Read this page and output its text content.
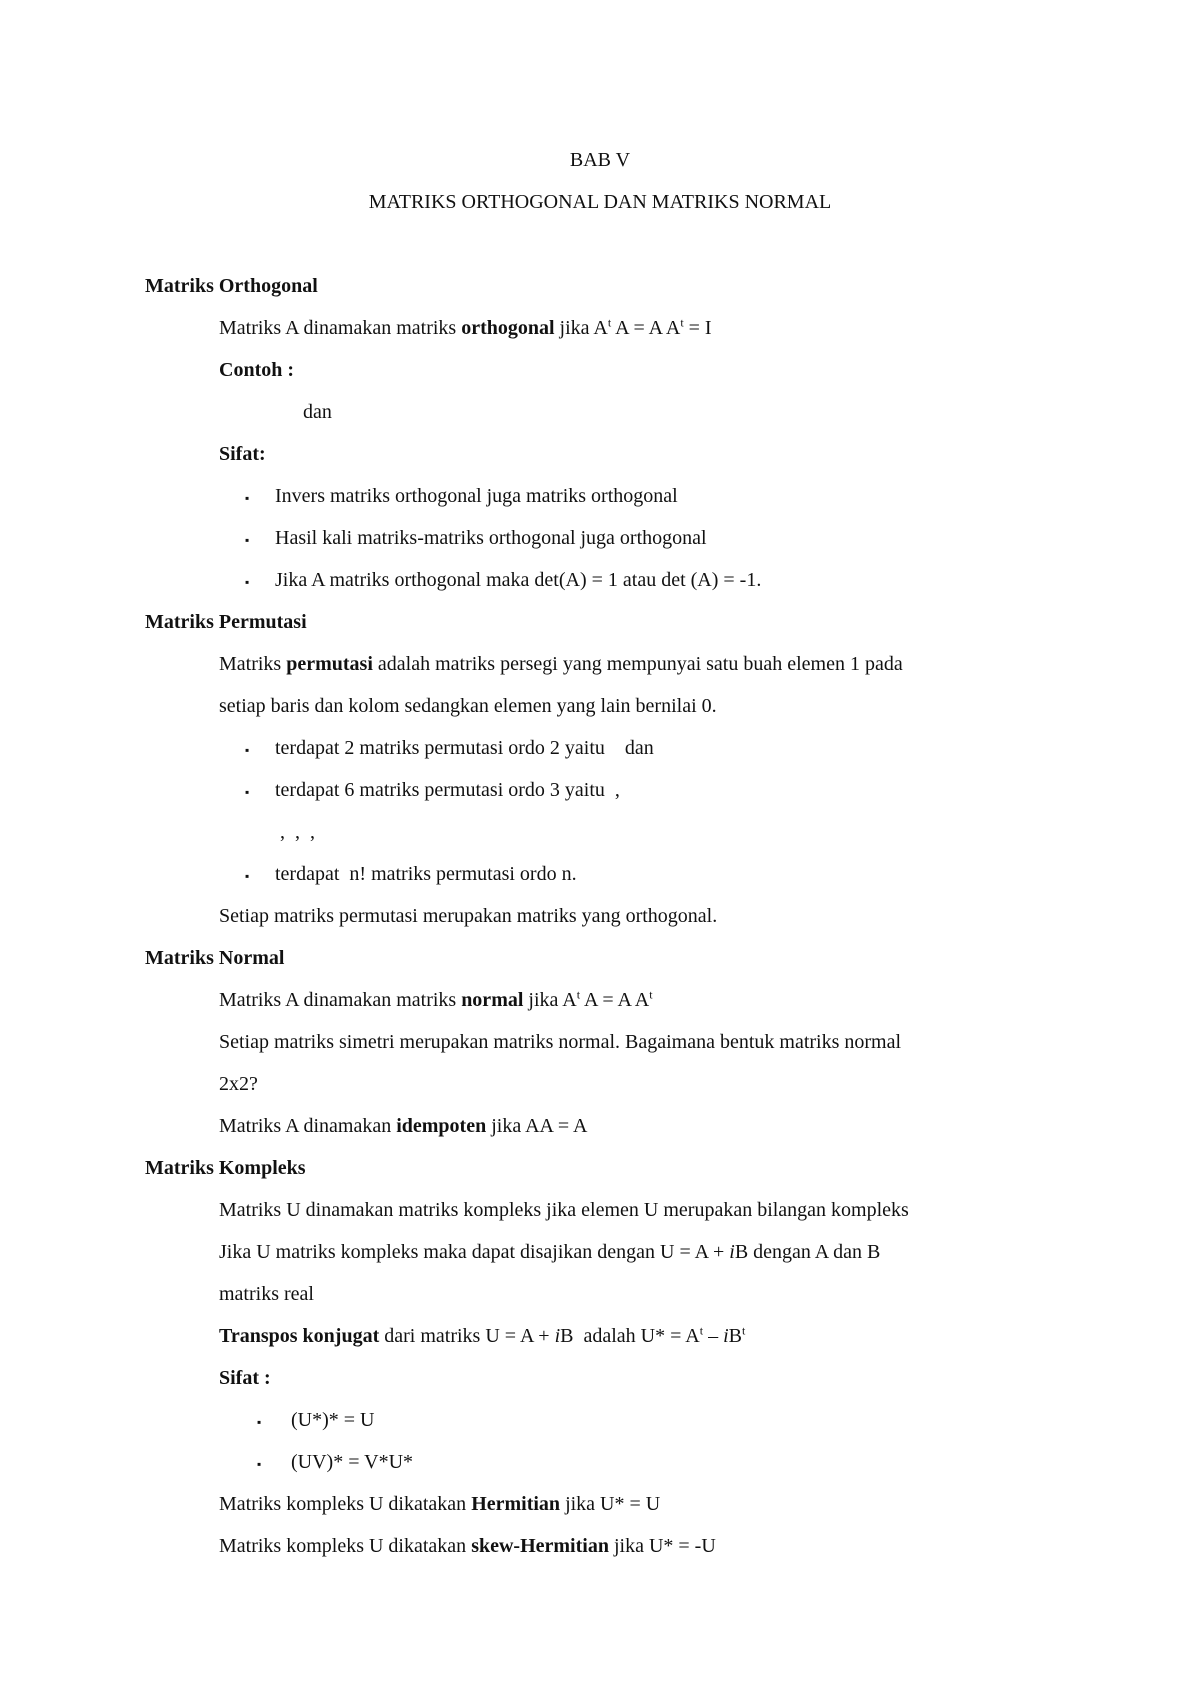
BAB V
MATRIKS ORTHOGONAL DAN MATRIKS NORMAL
Matriks Orthogonal
Matriks A dinamakan matriks orthogonal jika $A^t$ A = A $A^t = I$
Contoh :
dan
Sifat:
▪ Invers matriks orthogonal juga matriks orthogonal
▪ Hasil kali matriks-matriks orthogonal juga orthogonal
▪ Jika A matriks orthogonal maka det(A) = 1 atau det (A) = -1.
Matriks Permutasi
Matriks permutasi adalah matriks persegi yang mempunyai satu buah elemen 1 pada
setiap baris dan kolom sedangkan elemen yang lain bernilai 0.
▪ terdapat 2 matriks permutasi ordo 2 yaitu    dan
▪ terdapat 6 matriks permutasi ordo 3 yaitu  ,
,  ,  ,
▪ terdapat  n! matriks permutasi ordo n.
Setiap matriks permutasi merupakan matriks yang orthogonal.
Matriks Normal
Matriks A dinamakan matriks normal jika $A^t$ A = A $A^t$
Setiap matriks simetri merupakan matriks normal. Bagaimana bentuk matriks normal
2x2?
Matriks A dinamakan idempoten jika AA = A
Matriks Kompleks
Matriks U dinamakan matriks kompleks jika elemen U merupakan bilangan kompleks
Jika U matriks kompleks maka dapat disajikan dengan U = A + iB dengan A dan B
matriks real
Transpos konjugat dari matriks U = A + iB  adalah $U* = A^t - iB^t$
Sifat :
▪ (U*)* = U
▪ (UV)* = V*U*
Matriks kompleks U dikatakan Hermitian jika U* = U
Matriks kompleks U dikatakan skew-Hermitian jika U* = -U
